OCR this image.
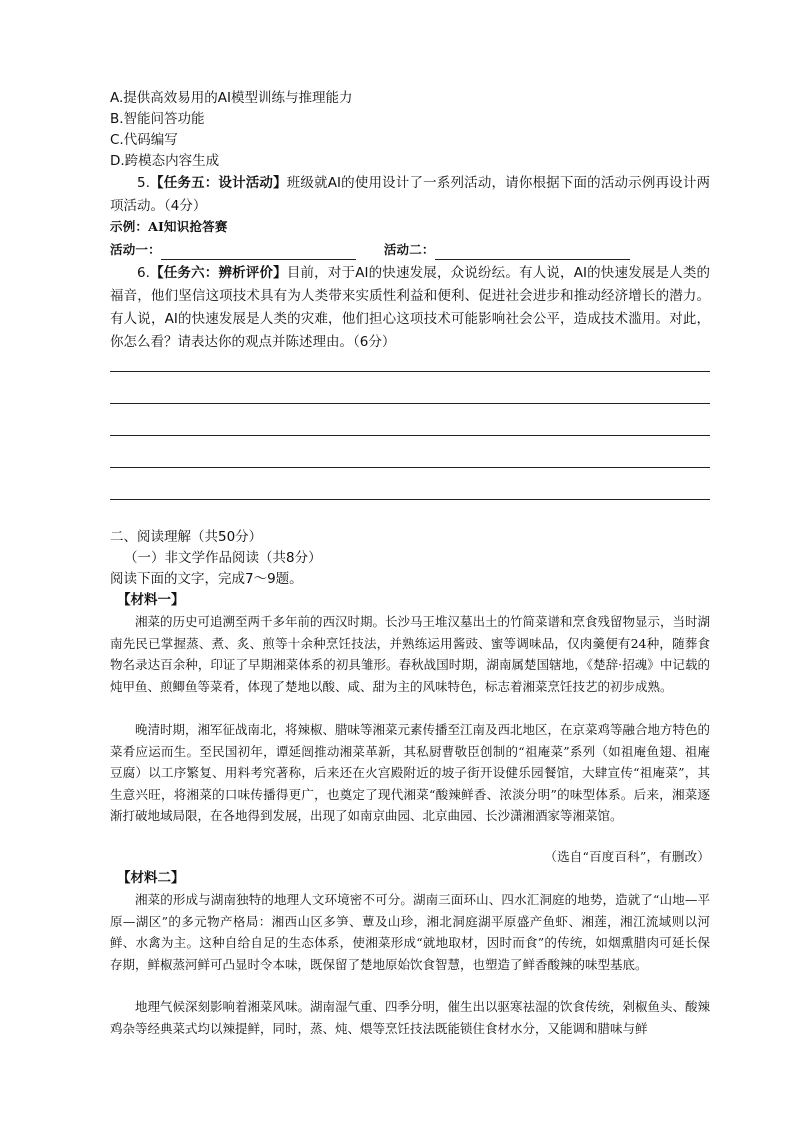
A.提供高效易用的AI模型训练与推理能力
B.智能问答功能
C.代码编写
D.跨模态内容生成
5.【任务五：设计活动】班级就AI的使用设计了一系列活动，请你根据下面的活动示例再设计两项活动。（4分）
示例：AI知识抢答赛
活动一：	活动二：
6.【任务六：辨析评价】目前，对于AI的快速发展，众说纷纭。有人说，AI的快速发展是人类的福音，他们坚信这项技术具有为人类带来实质性利益和便利、促进社会进步和推动经济增长的潜力。有人说，AI的快速发展是人类的灾难，他们担心这项技术可能影响社会公平，造成技术滥用。对此，你怎么看？请表达你的观点并陈述理由。（6分）
二、阅读理解（共50分）
（一）非文学作品阅读（共8分）
阅读下面的文字，完成7～9题。
【材料一】
湘菜的历史可追溯至两千多年前的西汉时期。长沙马王堆汉墓出土的竹简菜谱和烹食残留物显示，当时湖南先民已掌握蒸、煮、炙、煎等十余种烹饪技法，并熟练运用酱豉、蜜等调味品，仅肉羹便有24种，随葬食物名录达百余种，印证了早期湘菜体系的初具雏形。春秋战国时期，湖南属楚国辖地，《楚辞·招魂》中记载的炖甲鱼、煎鲫鱼等菜肴，体现了楚地以酸、咸、甜为主的风味特色，标志着湘菜烹饪技艺的初步成熟。
晚清时期，湘军征战南北，将辣椒、腊味等湘菜元素传播至江南及西北地区，在京菜鸡等融合地方特色的菜肴应运而生。至民国初年，谭延闿推动湘菜革新，其私厨曹敬臣创制的“祖庵菜”系列（如祖庵鱼翅、祖庵豆腐）以工序繁复、用料考究著称，后来还在火宫殿附近的坡子街开设健乐园餐馆，大肆宣传“祖庵菜”，其生意兴旺，将湘菜的口味传播得更广，也奠定了现代湘菜“酸辣鲜香、浓淡分明”的味型体系。后来，湘菜逐渐打破地域局限，在各地得到发展，出现了如南京曲园、北京曲园、长沙潇湘酒家等湘菜馆。
（选自“百度百科”，有删改）
【材料二】
湘菜的形成与湖南独特的地理人文环境密不可分。湖南三面环山、四水汇洞庭的地势，造就了“山地—平原—湖区”的多元物产格局：湘西山区多笋、蕈及山珍，湘北洞庭湖平原盛产鱼虾、湘莲，湘江流域则以河鲜、水禽为主。这种自给自足的生态体系，使湘菜形成“就地取材，因时而食”的传统，如烟熏腊肉可延长保存期，鲜椒蒸河鲜可凸显时令本味，既保留了楚地原始饮食智慧，也塑造了鲜香酸辣的味型基底。
地理气候深刻影响着湘菜风味。湖南湿气重、四季分明，催生出以驱寒祛湿的饮食传统，剁椒鱼头、酸辣鸡杂等经典菜式均以辣提鲜，同时，蒸、炖、煨等烹饪技法既能锁住食材水分，又能调和腊味与鲜
